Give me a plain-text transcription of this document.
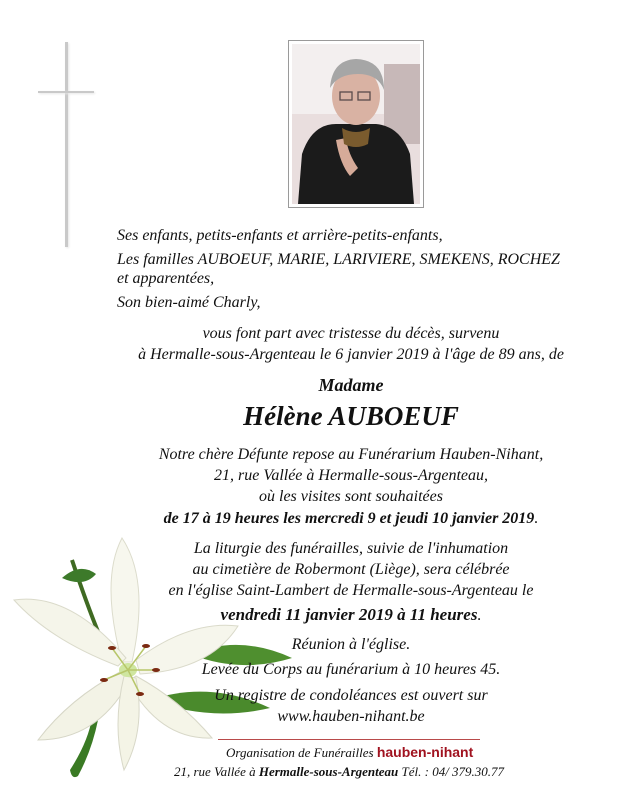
Ses enfants, petits-enfants et arrière-petits-enfants,

Les familles AUBOEUF, MARIE, LARIVIERE, SMEKENS, ROCHEZ

et apparentées,

Son bien-aimé Charly,

vous font part avec tristesse du décès, survenu

à Hermalle-sous-Argenteau le 6 janvier 2019 à l'âge de 89 ans, de

Madame

Hélène AUBOEUF

Notre chère Défunte repose au Funérarium Hauben-Nihant,

21, rue Vallée à Hermalle-sous-Argenteau,

où les visites sont souhaitées

de 17 à 19 heures les mercredi 9 et jeudi 10 janvier 2019.

La liturgie des funérailles, suivie de l'inhumation

au cimetière de Robermont (Liège), sera célébrée

en l'église Saint-Lambert de Hermalle-sous-Argenteau le

vendredi 11 janvier 2019 à 11 heures.

Réunion à l'église.

Levée du Corps au funérarium à 10 heures 45.

Un registre de condoléances est ouvert sur

www.hauben-nihant.be

Organisation de Funérailles hauben-nihant

21, rue Vallée à Hermalle-sous-Argenteau Tél. : 04/ 379.30.77
